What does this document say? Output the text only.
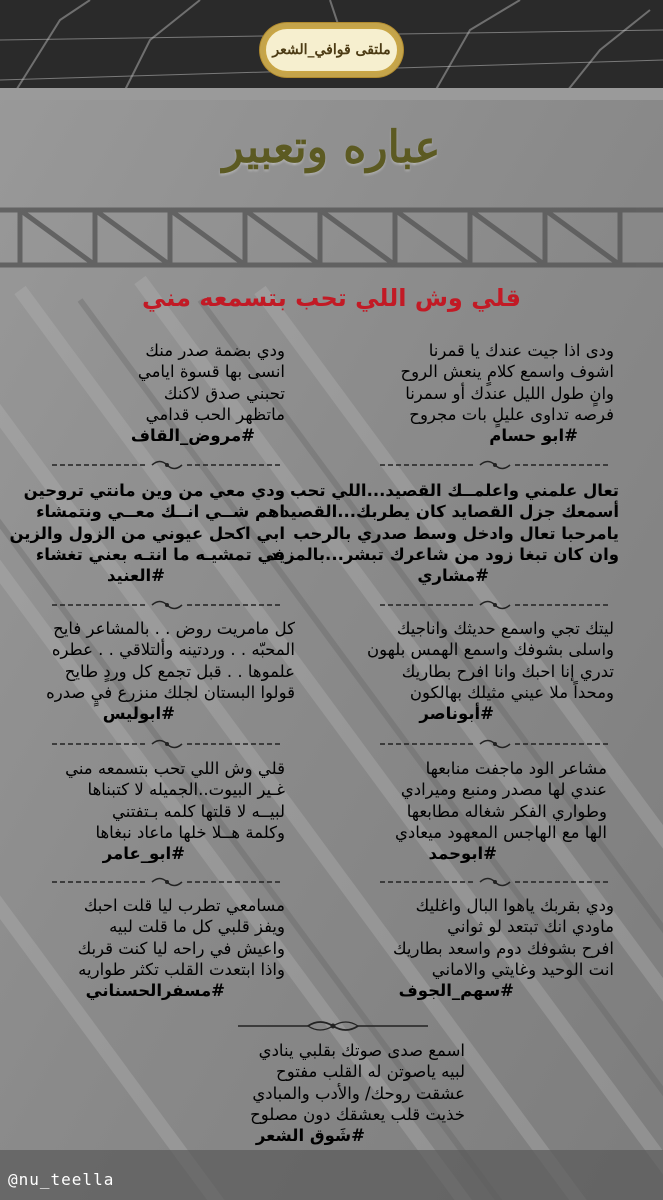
ملتقى قوافي_الشعر
عباره وتعبير
قلي وش اللي تحب بتسمعه مني
ودى اذا جيت عندك يا قمرنا
اشوف واسمع كلامٍ ينعش الروح
وانٍ طول الليل عندك أو سمرنا
فرصه تداوى عليلٍ بات مجروح
#ابو حسام
ودي بضمة صدر منك
انسى بها قسوة ايامي
تحبني صدق لاكنك
ماتظهر الحب قدامي
#مروض_القاف
تعال علمني واعلمــك القصيد...اللي تحب
أسمعك جزل القصايد كان يطربك...القصيد
يامرحبا تعال وادخل وسط صدري بالرحب
وان كان تبغا زود من شاعرك تبشر...بالمزيد
#مشاري
ودي معي من وين مانتي تروحين
اهم شــي انــك معــي ونتمشاء
ابي اكحل عيوني من الزول والزين
في تمشيـه ما انتـه بعني تغشاء
#العنيد
ليتك تجي واسمع حديثك واناجيك
واسلى بشوفك واسمع الهمس بلهون
تدري إنا احبك وانا افرح بطاريك
ومحداً ملا عيني مثيلك بهالكون
#أبوناصر
كل مامريت روض . . بالمشاعر فايح
المحبّه . . وردتينه وألتلاقي . . عطره
علموها . . قبل تجمع كل وردٍ طايح
قولوا البستان لجلك منزرع فيٍ صدره
#ابوليس
مشاعر الود ماجفت منابعها
عندي لها مصدر ومنبع وميرادي
وطواري الفكر شغاله مطابعها
الها مع الهاجس المعهود ميعادي
#ابوحمد
قلي وش اللي تحب بتسمعه مني
غـير البيوت..الجميله لا كتبناها
لبيــه لا قلتها كلمه بـتفتني
وكلمة هــلا خلها ماعاد نبغاها
#ابو_عامر
ودي بقربك ياهوا البال واغليك
ماودي انك تبتعد لو ثواني
افرح بشوفك دوم واسعد بطاريك
انت الوحيد وغايتي والاماني
#سهم_الجوف
مسامعي تطرب ليا قلت احبك
ويفز قلبي كل ما قلت لبيه
واعيش في راحه ليا كنت قربك
واذا ابتعدت القلب تكثر طواريه
#مسفرالحسناني
اسمع صدى صوتك بقلبي ينادي
لبيه ياصوتن له القلب مفتوح
عشقت روحك/ والأدب والمبادي
خذيت قلب يعشقك دون مصلوح
#شَوق الشعر
@nu_teella
